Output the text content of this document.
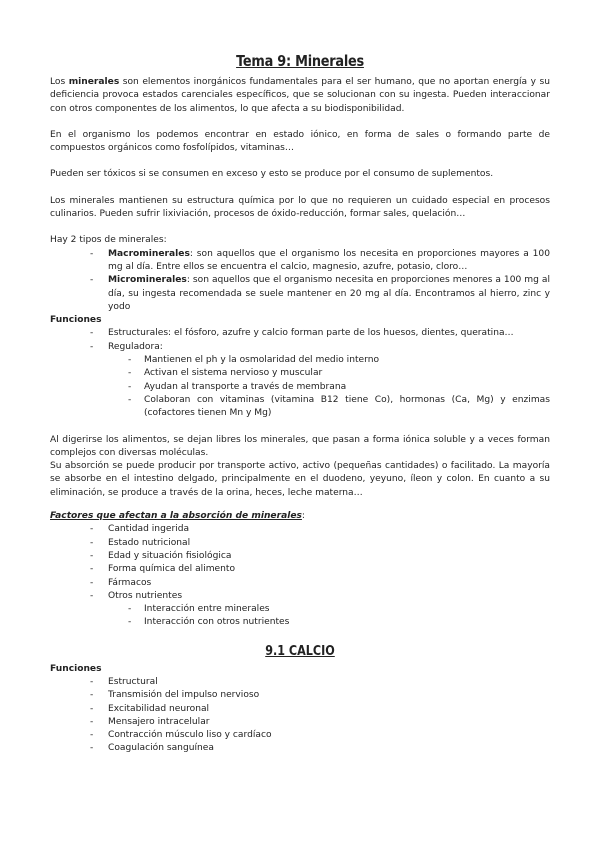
Tema 9: Minerales

Los minerales son elementos inorgánicos fundamentales para el ser humano, que no aportan energía y su deficiencia provoca estados carenciales específicos, que se solucionan con su ingesta. Pueden interaccionar con otros componentes de los alimentos, lo que afecta a su biodisponibilidad.

En el organismo los podemos encontrar en estado iónico, en forma de sales o formando parte de compuestos orgánicos como fosfolípidos, vitaminas…

Pueden ser tóxicos si se consumen en exceso y esto se produce por el consumo de suplementos.

Los minerales mantienen su estructura química por lo que no requieren un cuidado especial en procesos culinarios. Pueden sufrir lixiviación, procesos de óxido-reducción, formar sales, quelación…

Hay 2 tipos de minerales:

- Macrominerales: son aquellos que el organismo los necesita en proporciones mayores a 100 mg al día. Entre ellos se encuentra el calcio, magnesio, azufre, potasio, cloro…
- Microminerales: son aquellos que el organismo necesita en proporciones menores a 100 mg al día, su ingesta recomendada se suele mantener en 20 mg al día. Encontramos al hierro, zinc y yodo
Funciones
- Estructurales: el fósforo, azufre y calcio forman parte de los huesos, dientes, queratina…
- Reguladora:
- Mantienen el ph y la osmolaridad del medio interno
- Activan el sistema nervioso y muscular
- Ayudan al transporte a través de membrana
- Colaboran con vitaminas (vitamina B12 tiene Co), hormonas (Ca, Mg) y enzimas (cofactores tienen Mn y Mg)

Al digerirse los alimentos, se dejan libres los minerales, que pasan a forma iónica soluble y a veces forman complejos con diversas moléculas.

Su absorción se puede producir por transporte activo, activo (pequeñas cantidades) o facilitado. La mayoría se absorbe en el intestino delgado, principalmente en el duodeno, yeyuno, íleon y colon. En cuanto a su eliminación, se produce a través de la orina, heces, leche materna…

Factores que afectan a la absorción de minerales:
- Cantidad ingerida
- Estado nutricional
- Edad y situación fisiológica
- Forma química del alimento
- Fármacos
- Otros nutrientes
- Interacción entre minerales
- Interacción con otros nutrientes
9.1 CALCIO
Funciones
- Estructural
- Transmisión del impulso nervioso
- Excitabilidad neuronal
- Mensajero intracelular
- Contracción músculo liso y cardíaco
- Coagulación sanguínea
